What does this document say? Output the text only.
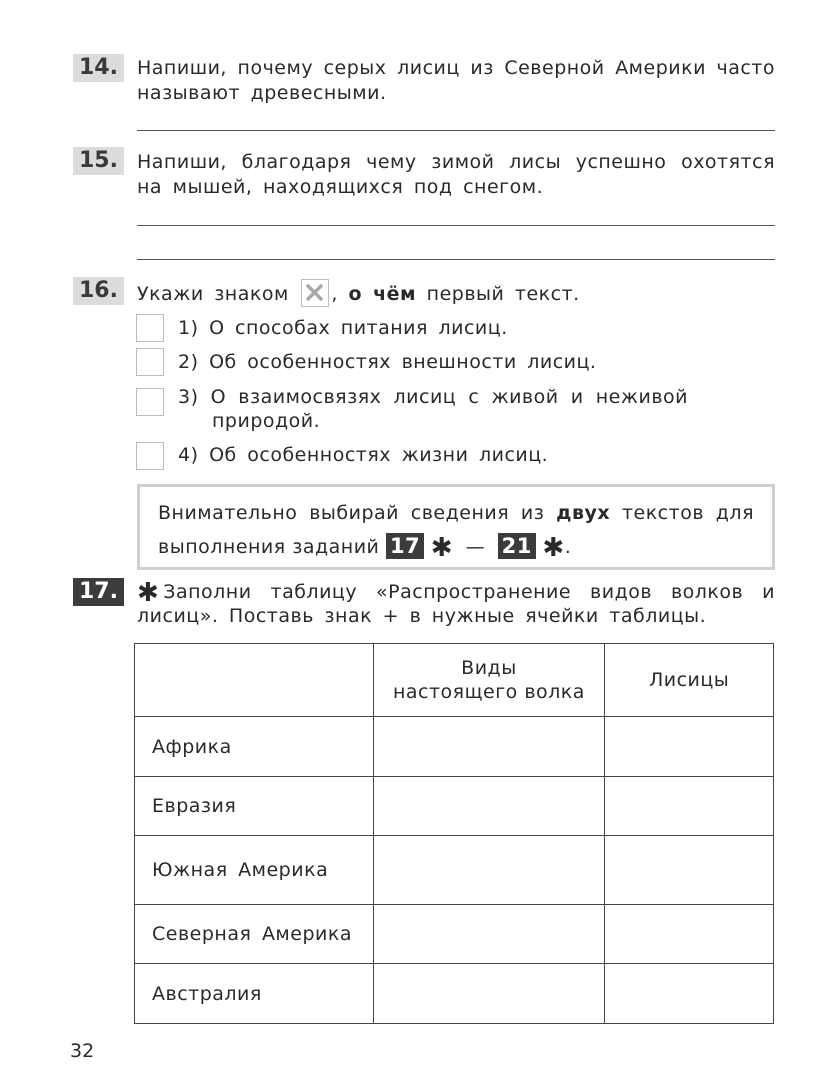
14.	Напиши, почему серых лисиц из Северной Америки часто
называют древесными.
15.	Напиши, благодаря чему зимой лисы успешно охотятся
на мышей, находящихся под снегом.
16.	Укажи знаком , о чём первый текст.
1) О способах питания лисиц.
2) Об особенностях внешности лисиц.
3) О взаимосвязях лисиц с живой и неживой
природой.
4) Об особенностях жизни лисиц.
Внимательно выбирай сведения из двух текстов для
выполнения заданий 17 ✱ — 21 ✱.
17. ✱ Заполни таблицу «Распространение видов волков и
лисиц». Поставь знак + в нужные ячейки таблицы.

	Виды
настоящего волка	Лисицы
Африка		
Евразия		
Южная Америка		
Северная Америка		
Австралия		
32
